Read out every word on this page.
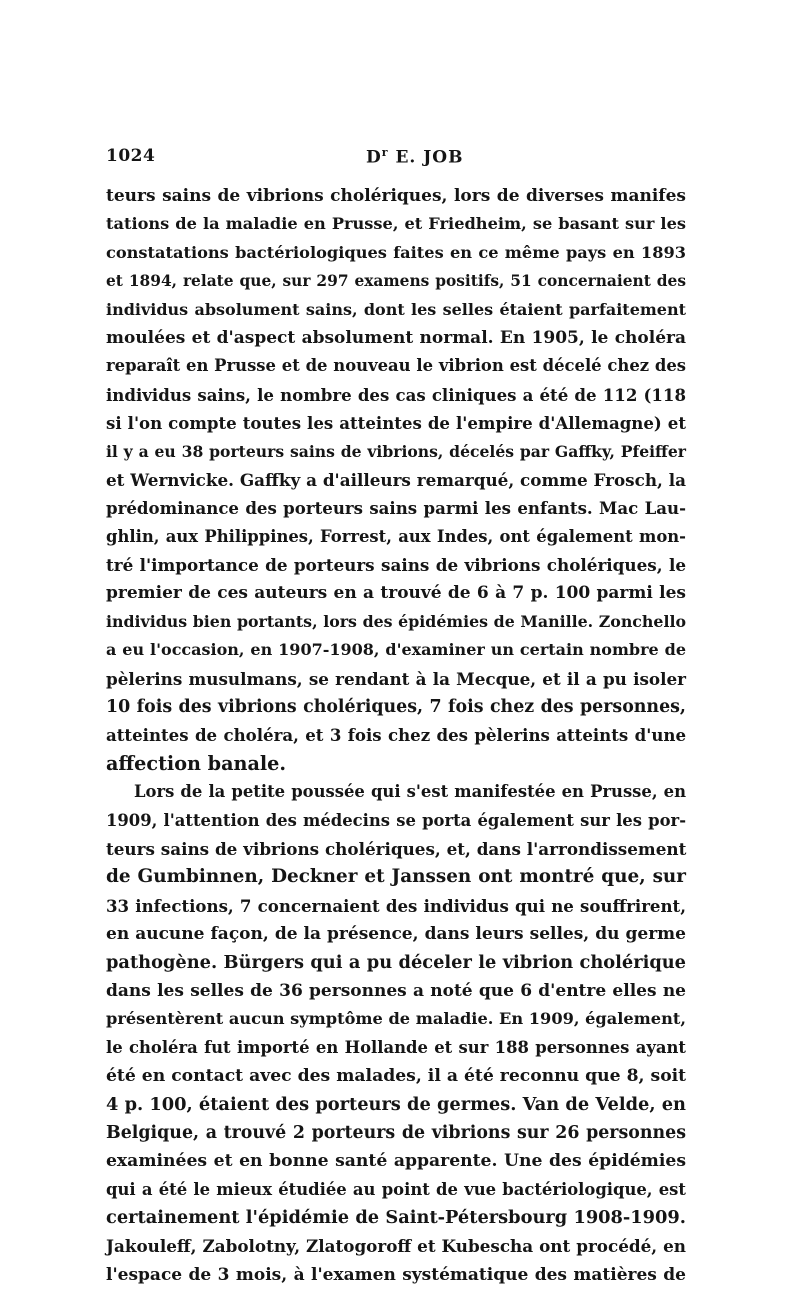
1024	$D^r$ E. JOB
teurs sains de vibrions cholériques, lors de diverses manifes
tations de la maladie en Prusse, et Friedheim, se basant sur les
constatations bactériologiques faites en ce même pays en 1893
et 1894, relate que, sur 297 examens positifs, 51 concernaient des
individus absolument sains, dont les selles étaient parfaitement
moulées et d'aspect absolument normal. En 1905, le choléra
reparaît en Prusse et de nouveau le vibrion est décelé chez des
individus sains, le nombre des cas cliniques a été de 112 (118
si l'on compte toutes les atteintes de l'empire d'Allemagne) et
il y a eu 38 porteurs sains de vibrions, décelés par Gaffky, Pfeiffer
et Wernvicke. Gaffky a d'ailleurs remarqué, comme Frosch, la
prédominance des porteurs sains parmi les enfants. Mac Lau-
ghlin, aux Philippines, Forrest, aux Indes, ont également mon-
tré l'importance de porteurs sains de vibrions cholériques, le
premier de ces auteurs en a trouvé de 6 à 7 p. 100 parmi les
individus bien portants, lors des épidémies de Manille. Zonchello
a eu l'occasion, en 1907-1908, d'examiner un certain nombre de
pèlerins musulmans, se rendant à la Mecque, et il a pu isoler
10 fois des vibrions cholériques, 7 fois chez des personnes,
atteintes de choléra, et 3 fois chez des pèlerins atteints d'une
affection banale.
Lors de la petite poussée qui s'est manifestée en Prusse, en
1909, l'attention des médecins se porta également sur les por-
teurs sains de vibrions cholériques, et, dans l'arrondissement
de Gumbinnen, Deckner et Janssen ont montré que, sur
33 infections, 7 concernaient des individus qui ne souffrirent,
en aucune façon, de la présence, dans leurs selles, du germe
pathogène. Bürgers qui a pu déceler le vibrion cholérique
dans les selles de 36 personnes a noté que 6 d'entre elles ne
présentèrent aucun symptôme de maladie. En 1909, également,
le choléra fut importé en Hollande et sur 188 personnes ayant
été en contact avec des malades, il a été reconnu que 8, soit
4 p. 100, étaient des porteurs de germes. Van de Velde, en
Belgique, a trouvé 2 porteurs de vibrions sur 26 personnes
examinées et en bonne santé apparente. Une des épidémies
qui a été le mieux étudiée au point de vue bactériologique, est
certainement l'épidémie de Saint-Pétersbourg 1908-1909.
Jakouleff, Zabolotny, Zlatogoroff et Kubescha ont procédé, en
l'espace de 3 mois, à l'examen systématique des matières de
